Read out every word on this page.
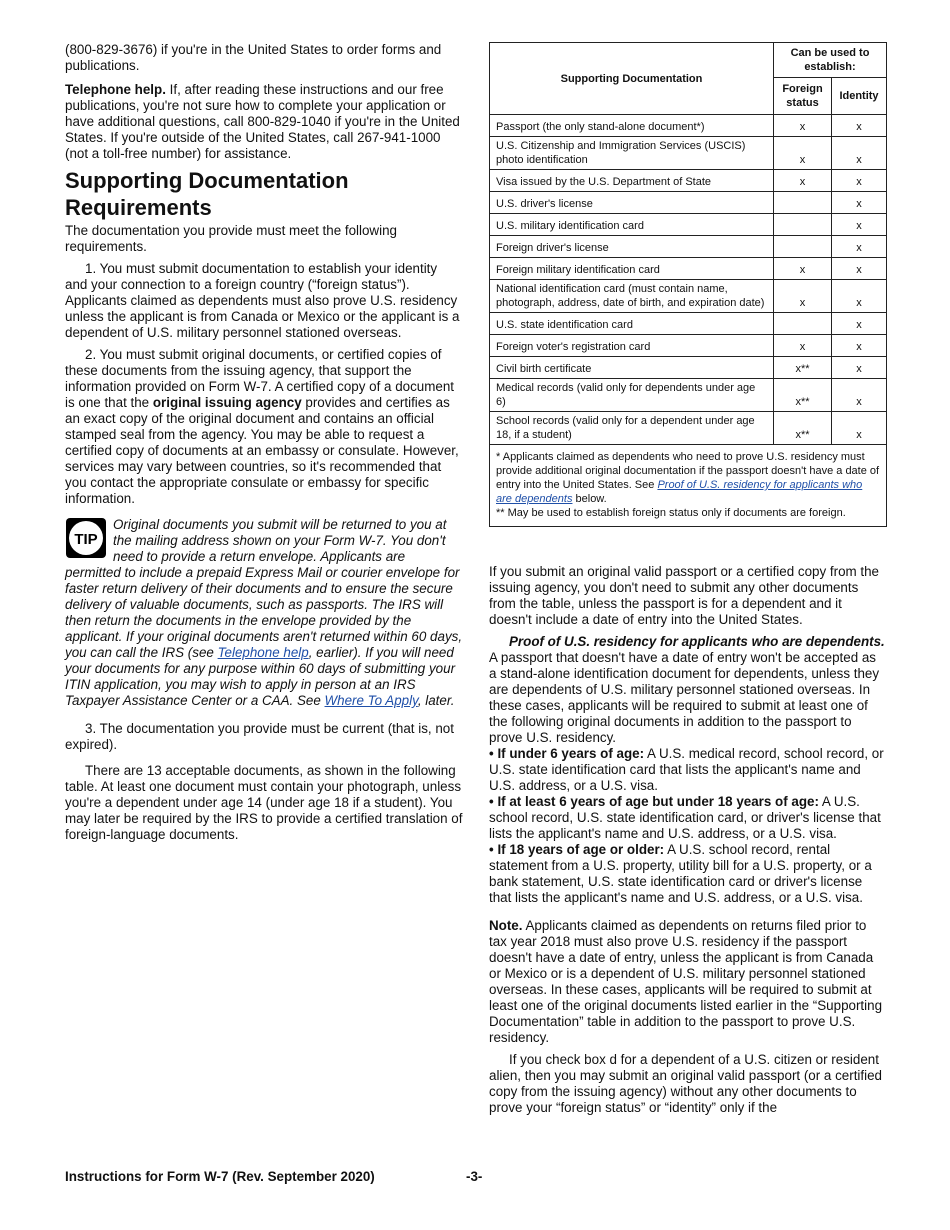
(800-829-3676) if you're in the United States to order forms and publications.

Telephone help. If, after reading these instructions and our free publications, you're not sure how to complete your application or have additional questions, call 800-829-1040 if you're in the United States. If you're outside of the United States, call 267-941-1000 (not a toll-free number) for assistance.

Supporting Documentation Requirements

The documentation you provide must meet the following requirements.

1. You must submit documentation to establish your identity and your connection to a foreign country (“foreign status”). Applicants claimed as dependents must also prove U.S. residency unless the applicant is from Canada or Mexico or the applicant is a dependent of U.S. military personnel stationed overseas.

2. You must submit original documents, or certified copies of these documents from the issuing agency, that support the information provided on Form W-7. A certified copy of a document is one that the original issuing agency provides and certifies as an exact copy of the original document and contains an official stamped seal from the agency. You may be able to request a certified copy of documents at an embassy or consulate. However, services may vary between countries, so it's recommended that you contact the appropriate consulate or embassy for specific information.

TIP

Original documents you submit will be returned to you at the mailing address shown on your Form W-7. You don't need to provide a return envelope. Applicants are permitted to include a prepaid Express Mail or courier envelope for faster return delivery of their documents and to ensure the secure delivery of valuable documents, such as passports. The IRS will then return the documents in the envelope provided by the applicant. If your original documents aren't returned within 60 days, you can call the IRS (see Telephone help, earlier). If you will need your documents for any purpose within 60 days of submitting your ITIN application, you may wish to apply in person at an IRS Taxpayer Assistance Center or a CAA. See Where To Apply, later.

3. The documentation you provide must be current (that is, not expired).

There are 13 acceptable documents, as shown in the following table. At least one document must contain your photograph, unless you're a dependent under age 14 (under age 18 if a student). You may later be required by the IRS to provide a certified translation of foreign-language documents.

Supporting Documentation	Can be used to establish:	
	Foreign status	Identity
Passport (the only stand-alone document*)	x	x
U.S. Citizenship and Immigration Services (USCIS) photo identification	x	x
Visa issued by the U.S. Department of State	x	x
U.S. driver's license		x
U.S. military identification card		x
Foreign driver's license		x
Foreign military identification card	x	x
National identification card (must contain name, photograph, address, date of birth, and expiration date)	x	x
U.S. state identification card		x
Foreign voter's registration card	x	x
Civil birth certificate	x**	x
Medical records (valid only for dependents under age 6)	x**	x
School records (valid only for a dependent under age 18, if a student)	x**	x
* Applicants claimed as dependents who need to prove U.S. residency must provide additional original documentation if the passport doesn't have a date of entry into the United States. See Proof of U.S. residency for applicants who are dependents below.
** May be used to establish foreign status only if documents are foreign.

If you submit an original valid passport or a certified copy from the issuing agency, you don't need to submit any other documents from the table, unless the passport is for a dependent and it doesn't include a date of entry into the United States.

Proof of U.S. residency for applicants who are dependents. A passport that doesn't have a date of entry won't be accepted as a stand-alone identification document for dependents, unless they are dependents of U.S. military personnel stationed overseas. In these cases, applicants will be required to submit at least one of the following original documents in addition to the passport to prove U.S. residency.

• If under 6 years of age: A U.S. medical record, school record, or U.S. state identification card that lists the applicant's name and U.S. address, or a U.S. visa.

• If at least 6 years of age but under 18 years of age: A U.S. school record, U.S. state identification card, or driver's license that lists the applicant's name and U.S. address, or a U.S. visa.

• If 18 years of age or older: A U.S. school record, rental statement from a U.S. property, utility bill for a U.S. property, or a bank statement, U.S. state identification card or driver's license that lists the applicant's name and U.S. address, or a U.S. visa.

Note. Applicants claimed as dependents on returns filed prior to tax year 2018 must also prove U.S. residency if the passport doesn't have a date of entry, unless the applicant is from Canada or Mexico or is a dependent of U.S. military personnel stationed overseas. In these cases, applicants will be required to submit at least one of the original documents listed earlier in the “Supporting Documentation” table in addition to the passport to prove U.S. residency.

If you check box d for a dependent of a U.S. citizen or resident alien, then you may submit an original valid passport (or a certified copy from the issuing agency) without any other documents to prove your “foreign status” or “identity” only if the

Instructions for Form W-7 (Rev. September 2020)	-3-
